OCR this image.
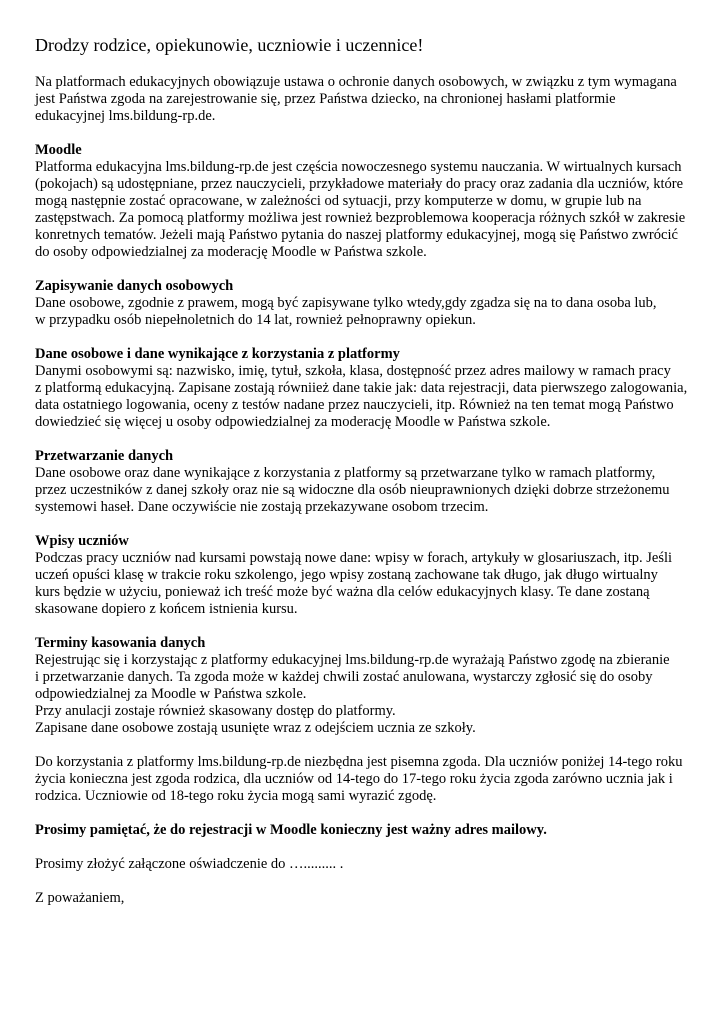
Drodzy rodzice, opiekunowie, uczniowie i uczennice!

Na platformach edukacyjnych obowiązuje ustawa o ochronie danych osobowych, w związku z tym wymagana
jest Państwa zgoda na zarejestrowanie się, przez Państwa dziecko, na chronionej hasłami platformie
edukacyjnej lms.bildung-rp.de.

Moodle
Platforma edukacyjna lms.bildung-rp.de jest częścia nowoczesnego systemu nauczania. W wirtualnych kursach
(pokojach) są udostępniane, przez nauczycieli, przykładowe materiały do pracy oraz zadania dla uczniów, które
mogą następnie zostać opracowane, w zależności od sytuacji, przy komputerze w domu, w grupie lub na
zastępstwach. Za pomocą platformy możliwa jest rownież bezproblemowa kooperacja różnych szkół w zakresie
konretnych tematów. Jeżeli mają Państwo pytania do naszej platformy edukacyjnej, mogą się Państwo zwrócić
do osoby odpowiedzialnej za moderację Moodle w Państwa szkole.
Zapisywanie danych osobowych
Dane osobowe, zgodnie z prawem, mogą być zapisywane tylko wtedy,gdy zgadza się na to dana osoba lub,
w przypadku osób niepełnoletnich do 14 lat, rownież pełnoprawny opiekun.
Dane osobowe i dane wynikające z korzystania z platformy
Danymi osobowymi są: nazwisko, imię, tytuł, szkoła, klasa, dostępność przez adres mailowy w ramach pracy
z platformą edukacyjną. Zapisane zostają równiież dane takie jak: data rejestracji, data pierwszego zalogowania,
data ostatniego logowania, oceny z testów nadane przez nauczycieli, itp. Również na ten temat mogą Państwo
dowiedzieć się więcej u osoby odpowiedzialnej za moderację Moodle w Państwa szkole.
Przetwarzanie danych
Dane osobowe oraz dane wynikające z korzystania z platformy są przetwarzane tylko w ramach platformy,
przez uczestników z danej szkoły oraz nie są widoczne dla osób nieuprawnionych dzięki dobrze strzeżonemu
systemowi haseł. Dane oczywiście nie zostają przekazywane osobom trzecim.
Wpisy uczniów
Podczas pracy uczniów nad kursami powstają nowe dane: wpisy w forach, artykuły w glosariuszach, itp. Jeśli
uczeń opuści klasę w trakcie roku szkolengo, jego wpisy zostaną zachowane tak długo, jak długo wirtualny
kurs będzie w użyciu, ponieważ ich treść może być ważna dla celów edukacyjnych klasy. Te dane zostaną
skasowane dopiero z końcem istnienia kursu.
Terminy kasowania danych
Rejestrując się i korzystając z platformy edukacyjnej lms.bildung-rp.de wyrażają Państwo zgodę na zbieranie
i przetwarzanie danych. Ta zgoda może w każdej chwili zostać anulowana, wystarczy zgłosić się do osoby
odpowiedzialnej za Moodle w Państwa szkole.
Przy anulacji zostaje również skasowany dostęp do platformy.
Zapisane dane osobowe zostają usunięte wraz z odejściem ucznia ze szkoły.

Do korzystania z platformy lms.bildung-rp.de niezbędna jest pisemna zgoda. Dla uczniów poniżej 14-tego roku
życia konieczna jest zgoda rodzica, dla uczniów od 14-tego do 17-tego roku życia zgoda zarówno ucznia jak i
rodzica. Uczniowie od 18-tego roku życia mogą sami wyrazić zgodę.

Prosimy pamiętać, że do rejestracji w Moodle konieczny jest ważny adres mailowy.

Prosimy złożyć załączone oświadczenie do …......... .

Z poważaniem,
